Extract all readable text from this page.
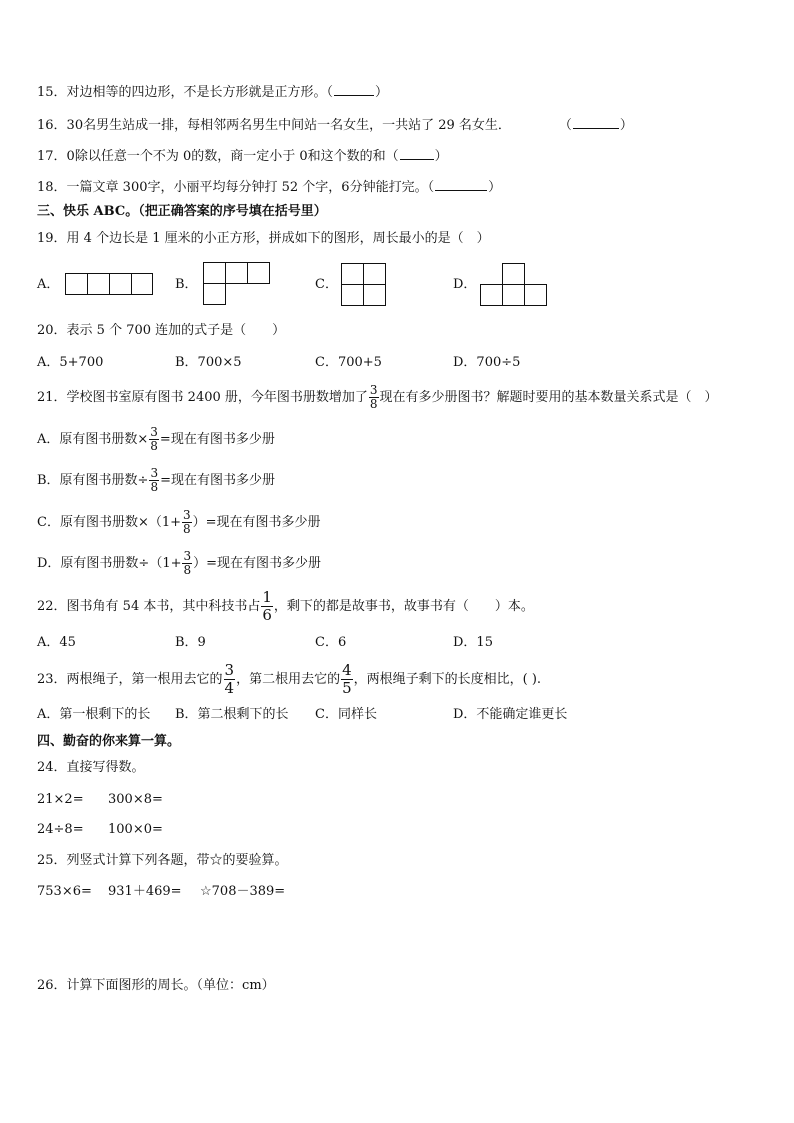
15．对边相等的四边形，不是长方形就是正方形。（	）
16．30名男生站成一排，每相邻两名男生中间站一名女生，一共站了 29 名女生．	（	）
17．0除以任意一个不为 0的数，商一定小于 0和这个数的和（	）
18．一篇文章 300字，小丽平均每分钟打 52 个字，6分钟能打完。（	）
三、快乐 ABC。（把正确答案的序号填在括号里）
19．用 4 个边长是 1 厘米的小正方形，拼成如下的图形，周长最小的是（　）
A．	B．	C．	D．
20．表示 5 个 700 连加的式子是（　　）
A．5+700	B．700×5	C．700+5	D．700÷5
21．学校图书室原有图书 2400 册，今年图书册数增加了 $\frac{3}{8}$ 现在有多少册图书？解题时要用的基本数量关系式是（　）
A．原有图书册数× $\frac{3}{8}$ =现在有图书多少册
B．原有图书册数÷ $\frac{3}{8}$ =现在有图书多少册
C．原有图书册数$\times(1+ \frac{3}{8}$ ）=现在有图书多少册
D．原有图书册数$\div(1+ \frac{3}{8}$ ）=现在有图书多少册
22．图书角有 54 本书，其中科技书占 $\frac{1}{6}$ ，剩下的都是故事书，故事书有（　　）本。
A．45	B．9	C．6	D．15
23．两根绳子，第一根用去它的 $\frac{3}{4}$ ，第二根用去它的 $\frac{4}{5}$ ，两根绳子剩下的长度相比，( ).
A．第一根剩下的长 B．第二根剩下的长 C．同样长	D．不能确定谁更长
四、勤奋的你来算一算。
24．直接写得数。
21×2= 300×8=
24÷8= 100×0=
25．列竖式计算下列各题，带☆的要验算。
753×6= 931＋469= ☆708－389=
26．计算下面图形的周长。（单位：cm）
